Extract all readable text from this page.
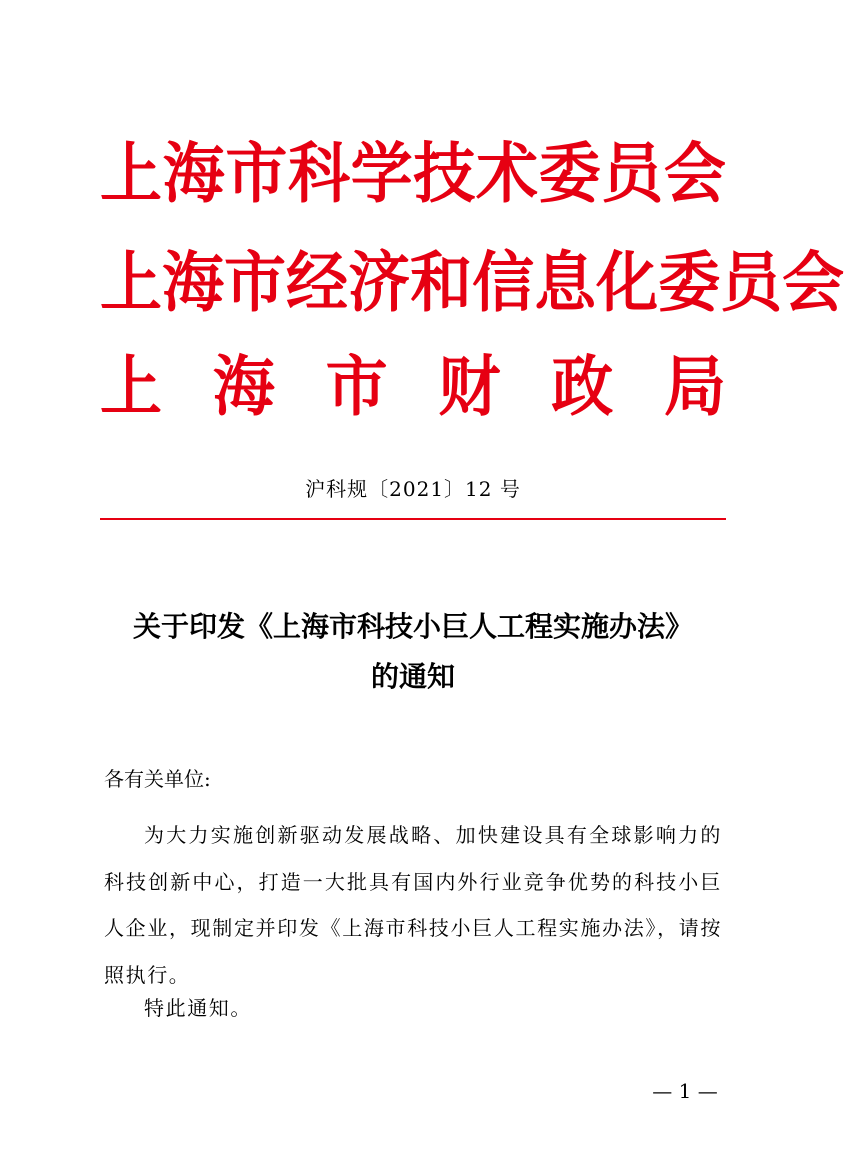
上 海 市 科 学 技 术 委 员 会
上 海 市 经 济 和 信 息 化 委 员 会
上 海 市 财 政 局
沪科规〔2021〕12 号
关于印发《上海市科技小巨人工程实施办法》
的通知
各有关单位:
为大力实施创新驱动发展战略、加快建设具有全球影响力的科技创新中心，打造一大批具有国内外行业竞争优势的科技小巨人企业，现制定并印发《上海市科技小巨人工程实施办法》，请按照执行。
特此通知。
— 1 —
